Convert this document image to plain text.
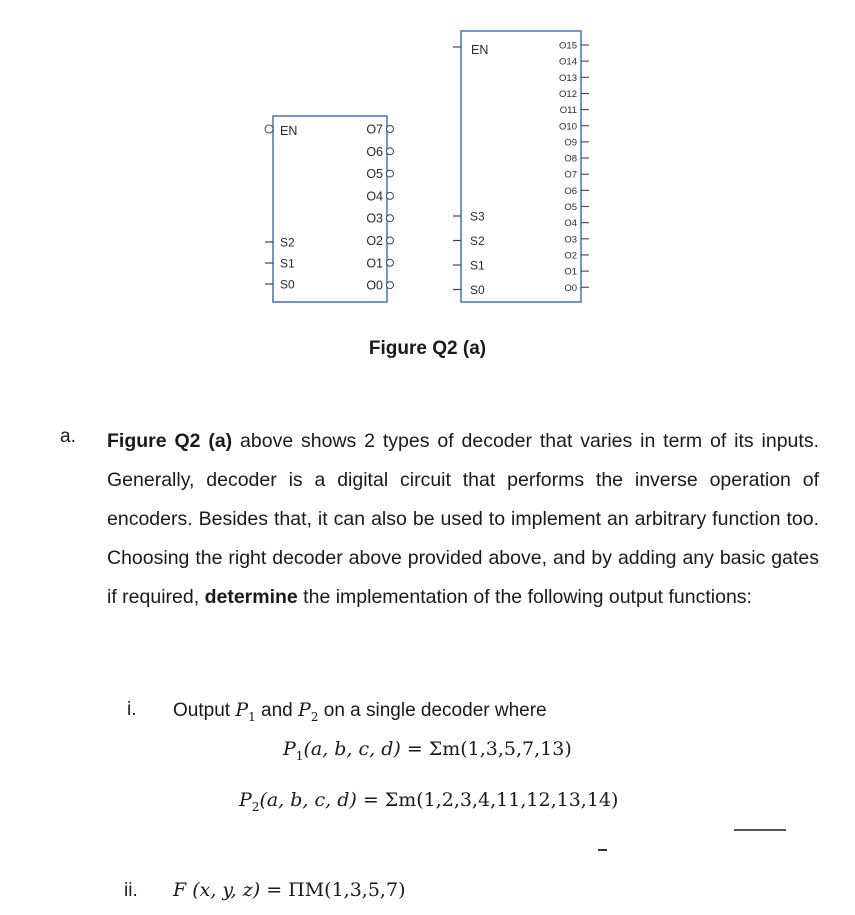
EN
S2
S1
S0
O7
O6
O5
O4
O3
O2
O1
O0
EN
S3
S2
S1
S0
O15
O14
O13
O12
O11
O10
O9
O8
O7
O6
O5
O4
O3
O2
O1
O0
Figure Q2 (a)
a. Figure Q2 (a) above shows 2 types of decoder that varies in term of its inputs. Generally, decoder is a digital circuit that performs the inverse operation of encoders. Besides that, it can also be used to implement an arbitrary function too. Choosing the right decoder above provided above, and by adding any basic gates if required, determine the implementation of the following output functions:
i. Output $P_1$ and $P_2$ on a single decoder where
$P_1(a$, b, c, d) = Σm(1,3,5,7,13)
$P_2(a$, b, c, d) = Σm(1,2,3,4,11,12,13,14)
ii. F (x, y, z) = ΠM(1,3,5,7)
